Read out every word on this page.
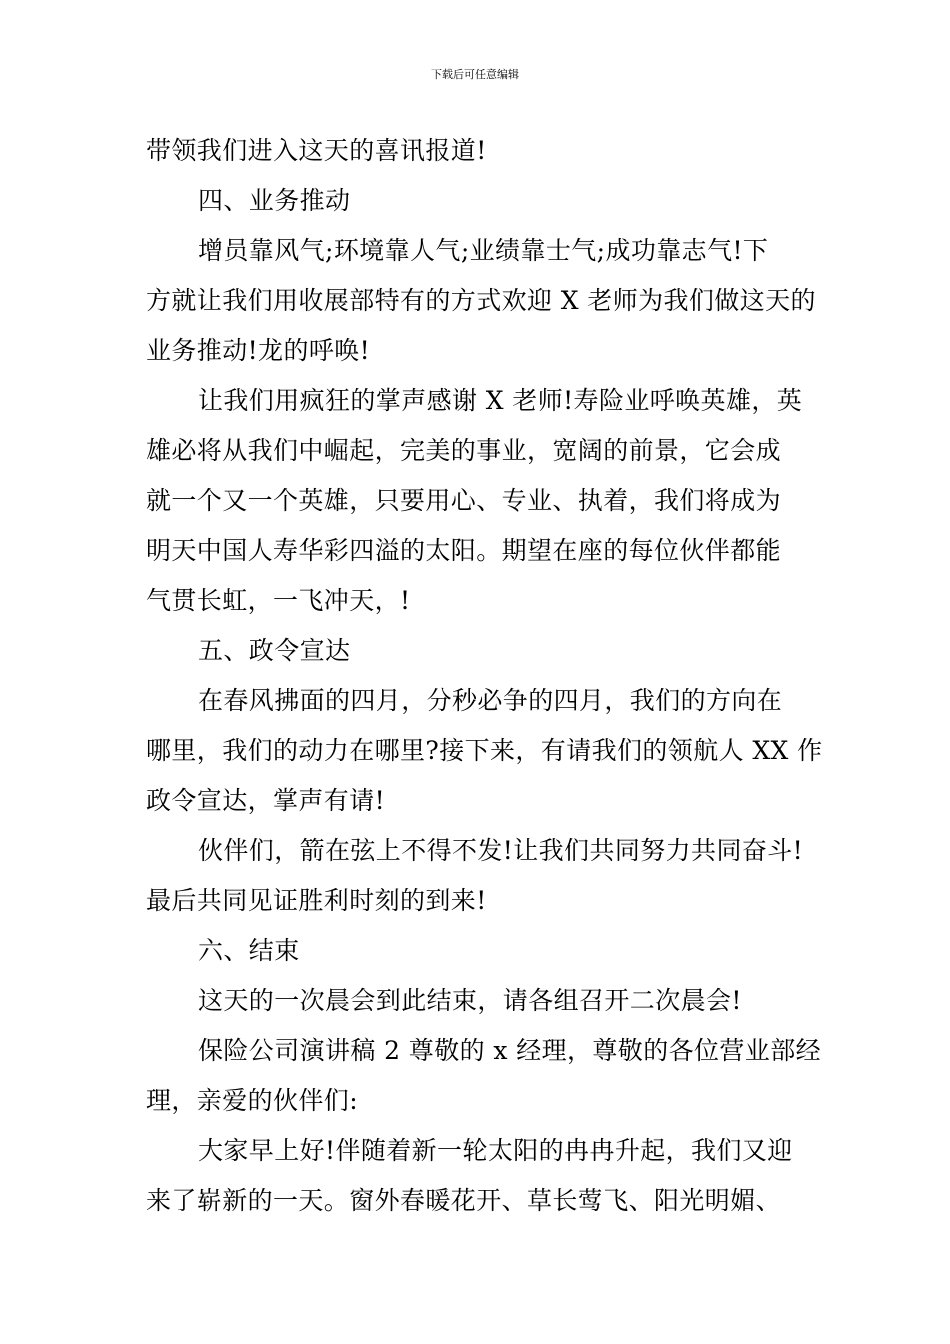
下载后可任意编辑
带领我们进入这天的喜讯报道!
四、业务推动
增员靠风气;环境靠人气;业绩靠士气;成功靠志气!下
方就让我们用收展部特有的方式欢迎 X 老师为我们做这天的
业务推动!龙的呼唤!
让我们用疯狂的掌声感谢 X 老师!寿险业呼唤英雄，英
雄必将从我们中崛起，完美的事业，宽阔的前景，它会成
就一个又一个英雄，只要用心、专业、执着，我们将成为
明天中国人寿华彩四溢的太阳。期望在座的每位伙伴都能
气贯长虹，一飞冲天，!
五、政令宣达
在春风拂面的四月，分秒必争的四月，我们的方向在
哪里，我们的动力在哪里?接下来，有请我们的领航人 XX 作
政令宣达，掌声有请!
伙伴们，箭在弦上不得不发!让我们共同努力共同奋斗!
最后共同见证胜利时刻的到来!
六、结束
这天的一次晨会到此结束，请各组召开二次晨会!
保险公司演讲稿 2 尊敬的 x 经理，尊敬的各位营业部经
理，亲爱的伙伴们:
大家早上好!伴随着新一轮太阳的冉冉升起，我们又迎
来了崭新的一天。窗外春暖花开、草长莺飞、阳光明媚、
